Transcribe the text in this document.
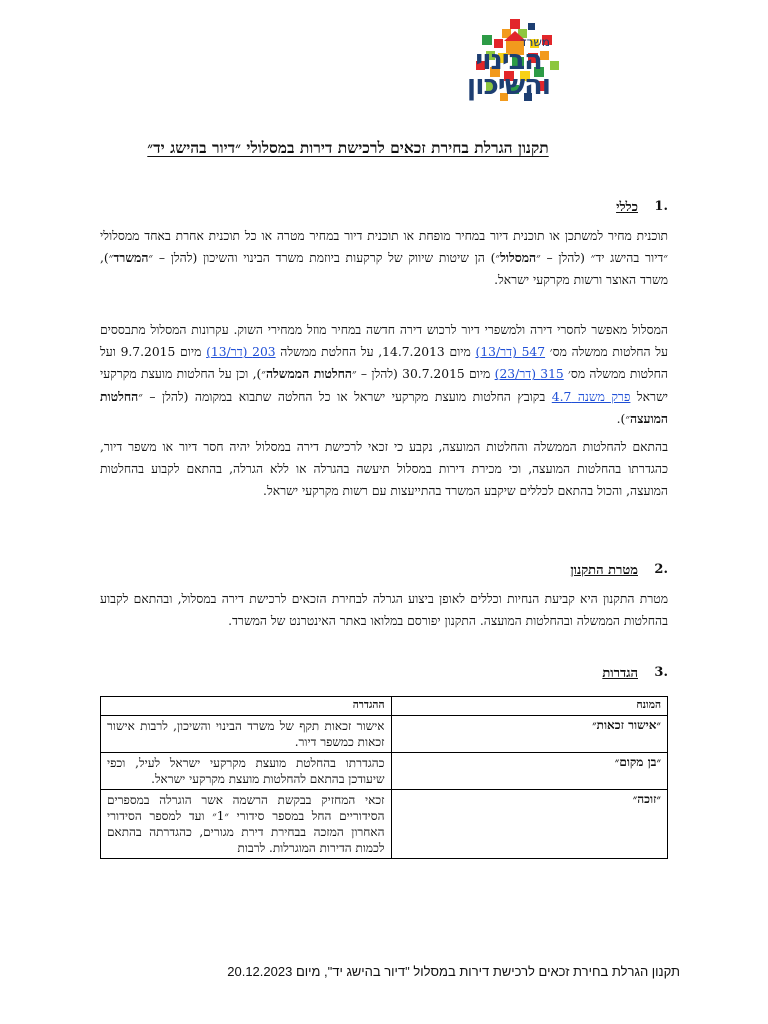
משרד
הבינוי
והשיכון
תקנון הגרלת בחירת זכאים לרכישת דירות במסלולי ״דיור בהישג יד״
1.
כללי
תוכנית מחיר למשתכן או תוכנית דיור במחיר מופחת או תוכנית דיור במחיר מטרה או כל תוכנית אחרת באחד ממסלולי ״דיור בהישג יד״ (להלן – ״המסלול״) הן שיטות שיווק של קרקעות ביוזמת משרד הבינוי והשיכון (להלן – ״המשרד״), משרד האוצר ורשות מקרקעי ישראל.
המסלול מאפשר לחסרי דירה ולמשפרי דיור לרכוש דירה חדשה במחיר מוזל ממחירי השוק. עקרונות המסלול מתבססים על החלטות ממשלה מס׳ 547 (דר/13) מיום 14.7.2013, על החלטת ממשלה 203 (דר/13) מיום 9.7.2015 ועל החלטות ממשלה מס׳ 315 (דר/23) מיום 30.7.2015 (להלן – ״החלטות הממשלה״), וכן על החלטות מועצת מקרקעי ישראל פרק משנה 4.7 בקובץ החלטות מועצת מקרקעי ישראל או כל החלטה שתבוא במקומה (להלן – ״החלטות המועצה״).
בהתאם להחלטות הממשלה והחלטות המועצה, נקבע כי זכאי לרכישת דירה במסלול יהיה חסר דיור או משפר דיור, כהגדרתו בהחלטות המועצה, וכי מכירת דירות במסלול תיעשה בהגרלה או ללא הגרלה, בהתאם לקבוע בהחלטות המועצה, והכול בהתאם לכללים שיקבע המשרד בהתייעצות עם רשות מקרקעי ישראל.
2.
מטרת התקנון
מטרת התקנון היא קביעת הנחיות וכללים לאופן ביצוע הגרלה לבחירת הזכאים לרכישת דירה במסלול, ובהתאם לקבוע בהחלטות הממשלה ובהחלטות המועצה. התקנון יפורסם במלואו באתר האינטרנט של המשרד.
3.
הגדרות
המונח	ההגדרה
״אישור זכאות״	אישור זכאות תקף של משרד הבינוי והשיכון, לרבות אישור זכאות כמשפר דיור.
״בן מקום״	כהגדרתו בהחלטת מועצת מקרקעי ישראל לעיל, וכפי שיעודכן בהתאם להחלטות מועצת מקרקעי ישראל.
״זוכה״	זכאי המחזיק בבקשת הרשמה אשר הוגרלה במספרים הסידוריים החל במספר סידורי ״1״ ועד למספר הסידורי האחרון המזכה בבחירת דירת מגורים, כהגדרתה בהתאם לכמות הדירות המוגרלות. לרבות
תקנון הגרלת בחירת זכאים לרכישת דירות במסלול "דיור בהישג יד", מיום 20.12.2023
